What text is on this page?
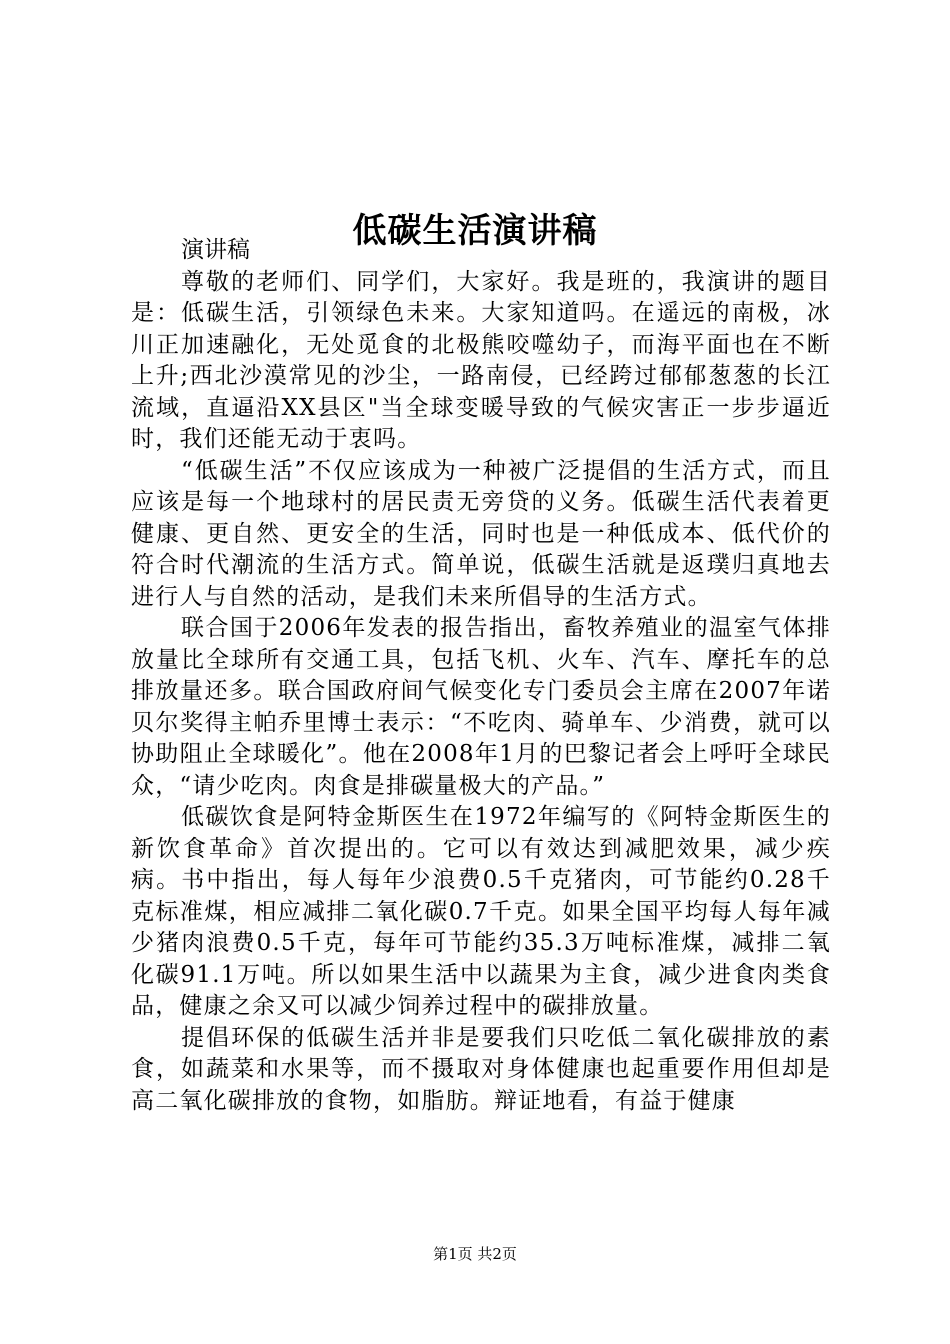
低碳生活演讲稿

演讲稿

尊敬的老师们、同学们，大家好。我是班的，我演讲的题目是：低碳生活，引领绿色未来。大家知道吗。在遥远的南极，冰川正加速融化，无处觅食的北极熊咬噬幼子，而海平面也在不断上升;西北沙漠常见的沙尘，一路南侵，已经跨过郁郁葱葱的长江流域，直逼沿XX县区"当全球变暖导致的气候灾害正一步步逼近时，我们还能无动于衷吗。

“低碳生活”不仅应该成为一种被广泛提倡的生活方式，而且应该是每一个地球村的居民责无旁贷的义务。低碳生活代表着更健康、更自然、更安全的生活，同时也是一种低成本、低代价的符合时代潮流的生活方式。简单说，低碳生活就是返璞归真地去进行人与自然的活动，是我们未来所倡导的生活方式。

联合国于2006年发表的报告指出，畜牧养殖业的温室气体排放量比全球所有交通工具，包括飞机、火车、汽车、摩托车的总排放量还多。联合国政府间气候变化专门委员会主席在2007年诺贝尔奖得主帕乔里博士表示：“不吃肉、骑单车、少消费，就可以协助阻止全球暖化”。他在2008年1月的巴黎记者会上呼吁全球民众，“请少吃肉。肉食是排碳量极大的产品。”

低碳饮食是阿特金斯医生在1972年编写的《阿特金斯医生的新饮食革命》首次提出的。它可以有效达到减肥效果，减少疾病。书中指出，每人每年少浪费0.5千克猪肉，可节能约0.28千克标准煤，相应减排二氧化碳0.7千克。如果全国平均每人每年减少猪肉浪费0.5千克，每年可节能约35.3万吨标准煤，减排二氧化碳91.1万吨。所以如果生活中以蔬果为主食，减少进食肉类食品，健康之余又可以减少饲养过程中的碳排放量。

提倡环保的低碳生活并非是要我们只吃低二氧化碳排放的素食，如蔬菜和水果等，而不摄取对身体健康也起重要作用但却是高二氧化碳排放的食物，如脂肪。辩证地看，有益于健康

第1页 共2页
